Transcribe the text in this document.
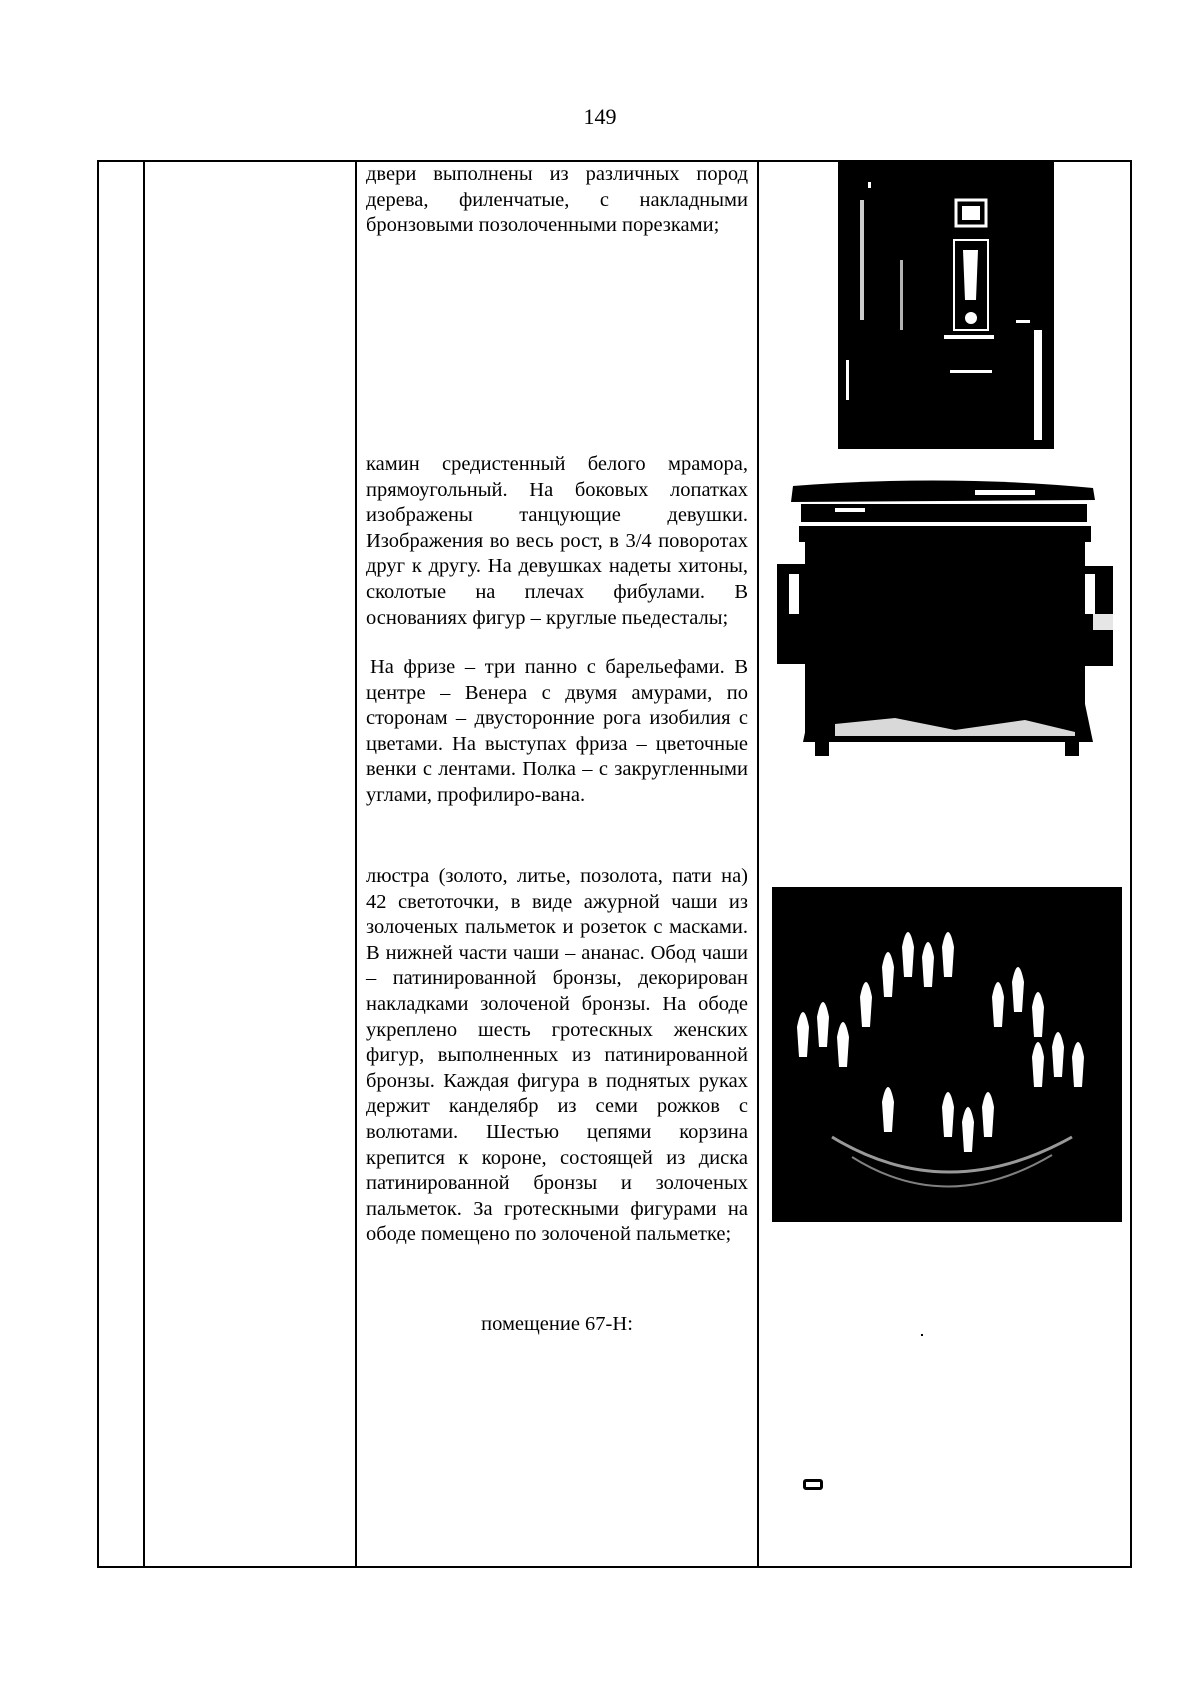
149
двери выполнены из различных пород дерева, филенчатые, с накладными бронзовыми позолоченными порезками;
камин средистенный белого мрамора, прямоугольный. На боковых лопатках изображены танцующие девушки. Изображения во весь рост, в 3/4 поворотах друг к другу. На девушках надеты хитоны, сколотые на плечах фибулами. В основаниях фигур – круглые пьедесталы;
На фризе – три панно с барельефами. В центре – Венера с двумя амурами, по сторонам – двусторонние рога изобилия с цветами. На выступах фриза – цветочные венки с лентами. Полка – с закругленными углами, профилиро-вана.
люстра (золото, литье, позолота, пати на) 42 светоточки, в виде ажурной чаши из золоченых пальметок и розеток с масками. В нижней части чаши – ананас. Обод чаши – патинированной бронзы, декорирован накладками золоченой бронзы. На ободе укреплено шесть гротескных женских фигур, выполненных из патинированной бронзы. Каждая фигура в поднятых руках держит канделябр из семи рожков с волютами. Шестью цепями корзина крепится к короне, состоящей из диска патинированной бронзы и золоченых пальметок. За гротескными фигурами на ободе помещено по золоченой пальметке;
помещение 67-Н:
